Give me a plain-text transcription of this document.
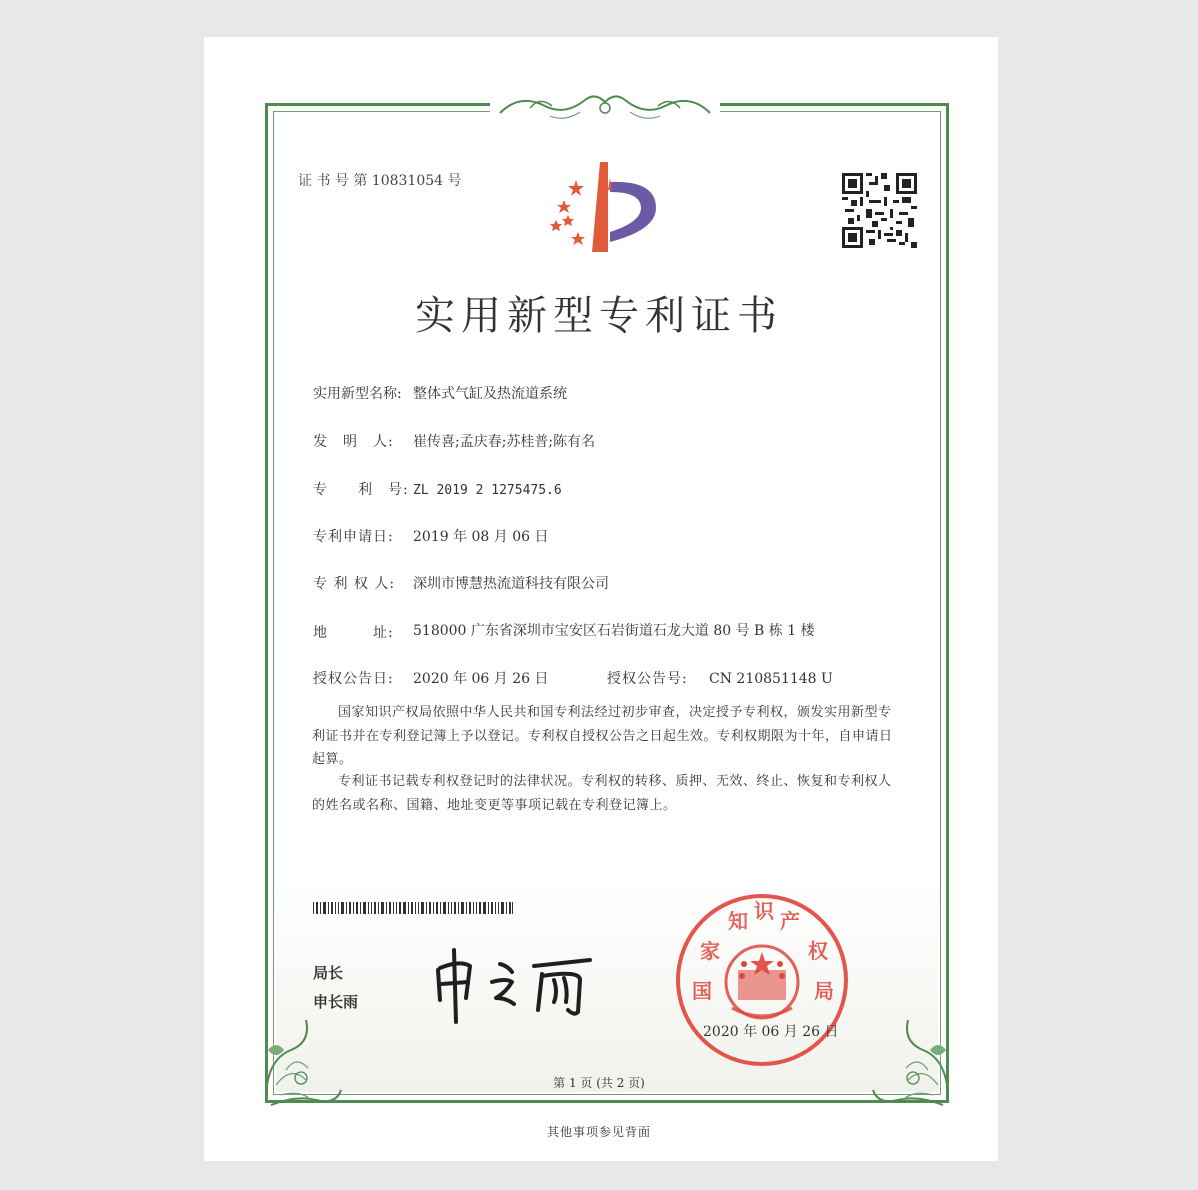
证 书 号 第 10831054 号
实用新型专利证书
实用新型名称: 整体式气缸及热流道系统
发　明　人: 崔传喜;孟庆春;苏桂普;陈有名
专　　利　号: ZL 2019 2 1275475.6
专利申请日: 2019 年 08 月 06 日
专 利 权 人: 深圳市博慧热流道科技有限公司
地　　　址:	518000 广东省深圳市宝安区石岩街道石龙大道 80 号 B 栋 1 楼
授权公告日: 2020 年 06 月 26 日	授权公告号: CN 210851148 U
国家知识产权局依照中华人民共和国专利法经过初步审查，决定授予专利权，颁发实用新型专利证书并在专利登记簿上予以登记。专利权自授权公告之日起生效。专利权期限为十年，自申请日起算。
专利证书记载专利权登记时的法律状况。专利权的转移、质押、无效、终止、恢复和专利权人的姓名或名称、国籍、地址变更等事项记载在专利登记簿上。
局长
申长雨	国
家
知 识 产
权
局
2020 年 06 月 26 日
第 1 页 (共 2 页)
其他事项参见背面
